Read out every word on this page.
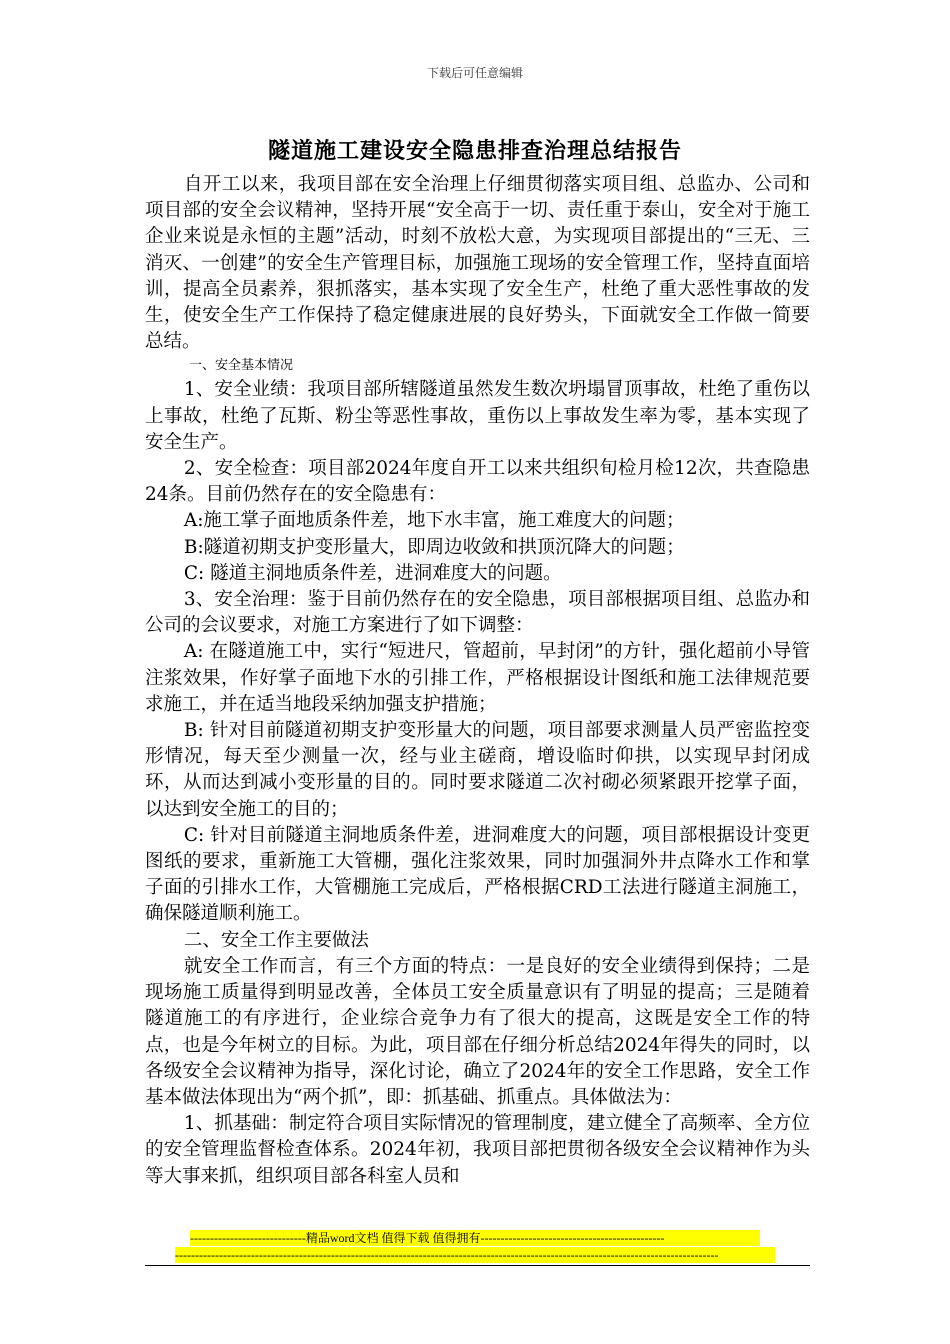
下载后可任意编辑
隧道施工建设安全隐患排查治理总结报告

自开工以来，我项目部在安全治理上仔细贯彻落实项目组、总监办、公司和项目部的安全会议精神，坚持开展“安全高于一切、责任重于泰山，安全对于施工企业来说是永恒的主题”活动，时刻不放松大意，为实现项目部提出的“三无、三消灭、一创建”的安全生产管理目标，加强施工现场的安全管理工作，坚持直面培训，提高全员素养，狠抓落实，基本实现了安全生产，杜绝了重大恶性事故的发生，使安全生产工作保持了稳定健康进展的良好势头，下面就安全工作做一简要总结。

一、安全基本情况

1、安全业绩：我项目部所辖隧道虽然发生数次坍塌冒顶事故，杜绝了重伤以上事故，杜绝了瓦斯、粉尘等恶性事故，重伤以上事故发生率为零，基本实现了安全生产。

2、安全检查：项目部2024年度自开工以来共组织旬检月检12次，共查隐患24条。目前仍然存在的安全隐患有：

A:施工掌子面地质条件差，地下水丰富，施工难度大的问题；

B:隧道初期支护变形量大，即周边收敛和拱顶沉降大的问题；

C: 隧道主洞地质条件差，进洞难度大的问题。

3、安全治理：鉴于目前仍然存在的安全隐患，项目部根据项目组、总监办和公司的会议要求，对施工方案进行了如下调整：

A: 在隧道施工中，实行“短进尺，管超前，早封闭”的方针，强化超前小导管注浆效果，作好掌子面地下水的引排工作，严格根据设计图纸和施工法律规范要求施工，并在适当地段采纳加强支护措施；

B: 针对目前隧道初期支护变形量大的问题，项目部要求测量人员严密监控变形情况，每天至少测量一次，经与业主磋商，增设临时仰拱，以实现早封闭成环，从而达到减小变形量的目的。同时要求隧道二次衬砌必须紧跟开挖掌子面，以达到安全施工的目的；

C: 针对目前隧道主洞地质条件差，进洞难度大的问题，项目部根据设计变更图纸的要求，重新施工大管棚，强化注浆效果，同时加强洞外井点降水工作和掌子面的引排水工作，大管棚施工完成后，严格根据CRD工法进行隧道主洞施工，确保隧道顺利施工。

二、安全工作主要做法

就安全工作而言，有三个方面的特点：一是良好的安全业绩得到保持；二是现场施工质量得到明显改善，全体员工安全质量意识有了明显的提高；三是随着隧道施工的有序进行，企业综合竞争力有了很大的提高，这既是安全工作的特点，也是今年树立的目标。为此，项目部在仔细分析总结2024年得失的同时，以各级安全会议精神为指导，深化讨论，确立了2024年的安全工作思路，安全工作基本做法体现出为“两个抓”，即：抓基础、抓重点。具体做法为：

1、抓基础：制定符合项目实际情况的管理制度，建立健全了高频率、全方位的安全管理监督检查体系。2024年初，我项目部把贯彻各级安全会议精神作为头等大事来抓，组织项目部各科室人员和

-----------------------------精品word文档 值得下载 值得拥有----------------------------------------------
----------------------------------------------------------------------------------------------------------------------------------------
